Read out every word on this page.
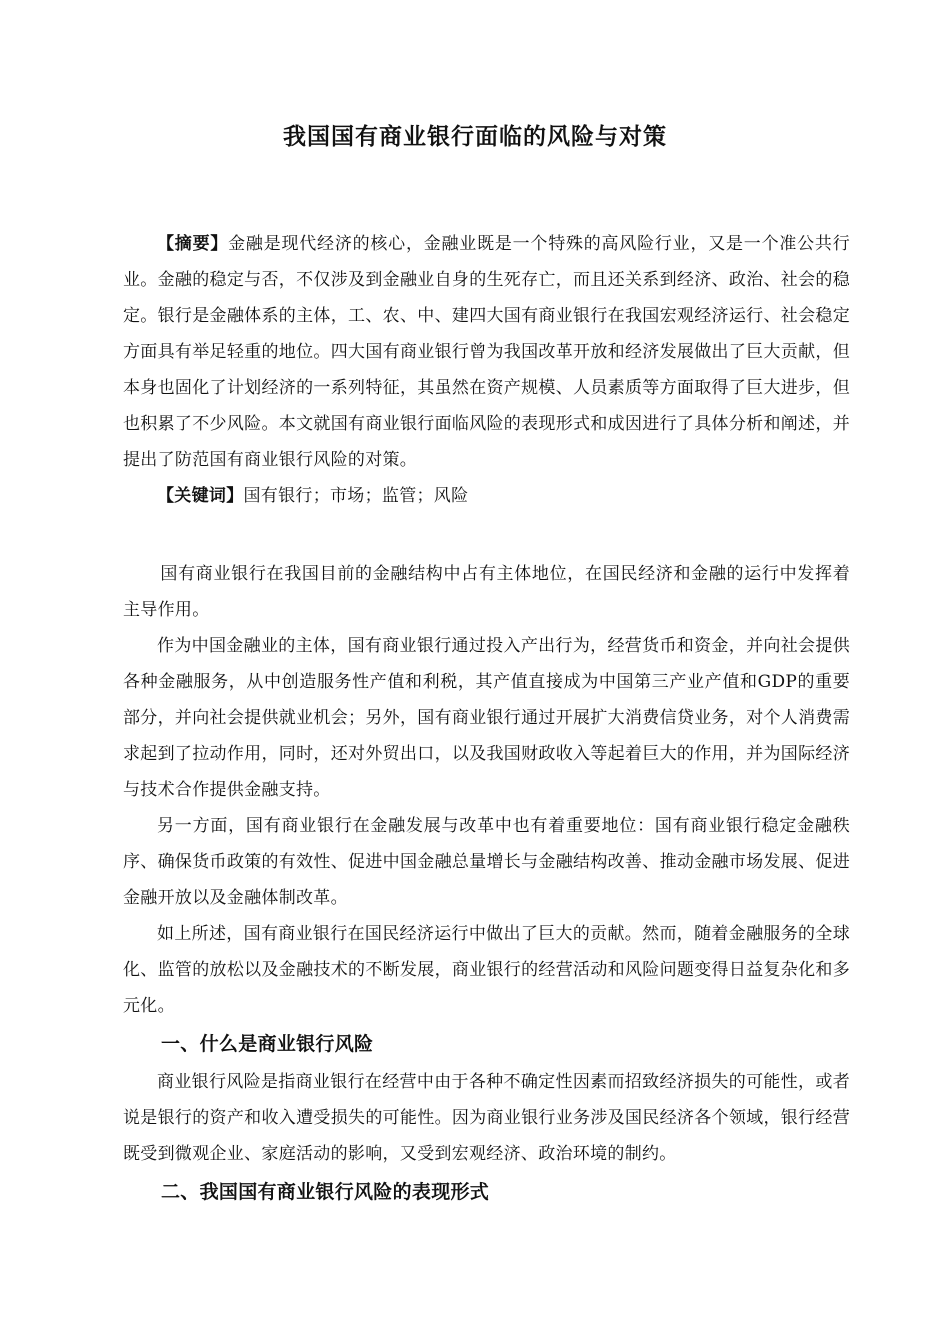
我国国有商业银行面临的风险与对策

【摘要】金融是现代经济的核心，金融业既是一个特殊的高风险行业，又是一个准公共行业。金融的稳定与否，不仅涉及到金融业自身的生死存亡，而且还关系到经济、政治、社会的稳定。银行是金融体系的主体，工、农、中、建四大国有商业银行在我国宏观经济运行、社会稳定方面具有举足轻重的地位。四大国有商业银行曾为我国改革开放和经济发展做出了巨大贡献，但本身也固化了计划经济的一系列特征，其虽然在资产规模、人员素质等方面取得了巨大进步，但也积累了不少风险。本文就国有商业银行面临风险的表现形式和成因进行了具体分析和阐述，并提出了防范国有商业银行风险的对策。

【关键词】国有银行；市场；监管；风险

国有商业银行在我国目前的金融结构中占有主体地位，在国民经济和金融的运行中发挥着主导作用。

作为中国金融业的主体，国有商业银行通过投入产出行为，经营货币和资金，并向社会提供各种金融服务，从中创造服务性产值和利税，其产值直接成为中国第三产业产值和GDP的重要部分，并向社会提供就业机会；另外，国有商业银行通过开展扩大消费信贷业务，对个人消费需求起到了拉动作用，同时，还对外贸出口，以及我国财政收入等起着巨大的作用，并为国际经济与技术合作提供金融支持。

另一方面，国有商业银行在金融发展与改革中也有着重要地位：国有商业银行稳定金融秩序、确保货币政策的有效性、促进中国金融总量增长与金融结构改善、推动金融市场发展、促进金融开放以及金融体制改革。

如上所述，国有商业银行在国民经济运行中做出了巨大的贡献。然而，随着金融服务的全球化、监管的放松以及金融技术的不断发展，商业银行的经营活动和风险问题变得日益复杂化和多元化。

一、什么是商业银行风险

商业银行风险是指商业银行在经营中由于各种不确定性因素而招致经济损失的可能性，或者说是银行的资产和收入遭受损失的可能性。因为商业银行业务涉及国民经济各个领域，银行经营既受到微观企业、家庭活动的影响，又受到宏观经济、政治环境的制约。

二、我国国有商业银行风险的表现形式
